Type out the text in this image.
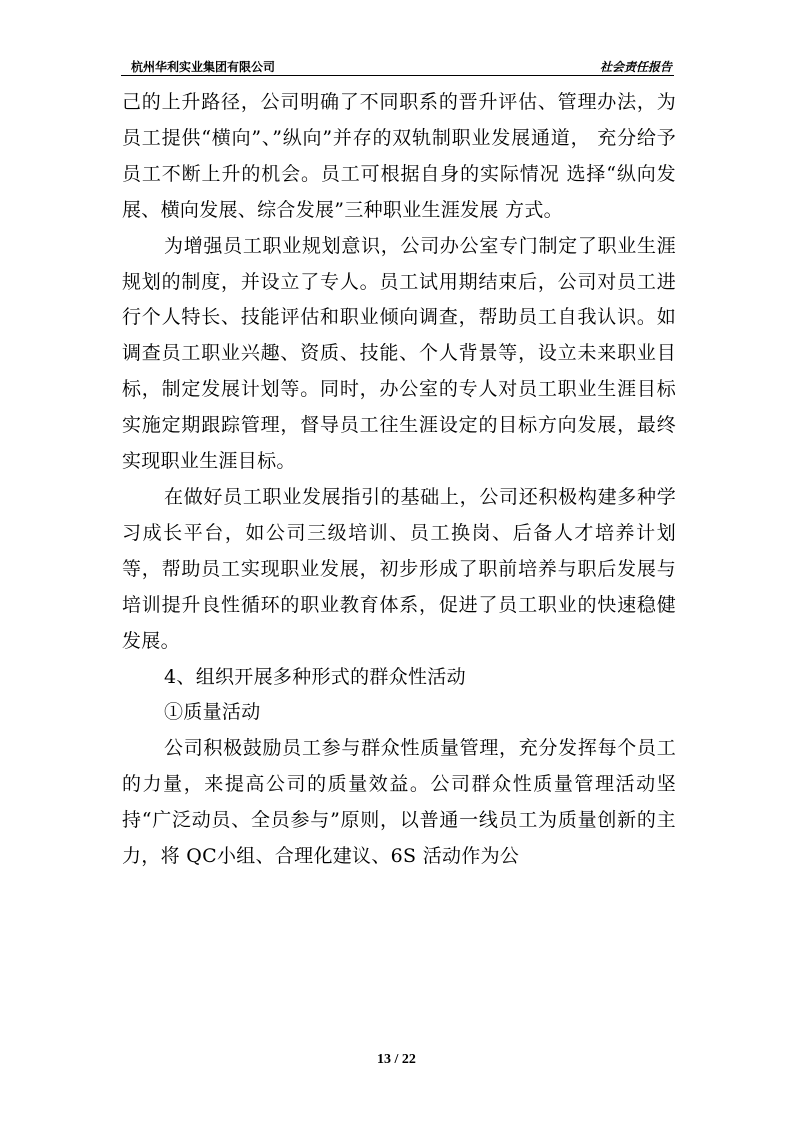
杭州华利实业集团有限公司	社会责任报告

己的上升路径，公司明确了不同职系的晋升评估、管理办法，为员工提供“横向”、”纵向”并存的双轨制职业发展通道， 充分给予员工不断上升的机会。员工可根据自身的实际情况 选择“纵向发展、横向发展、综合发展”三种职业生涯发展 方式。

为增强员工职业规划意识，公司办公室专门制定了职业生涯规划的制度，并设立了专人。员工试用期结束后，公司对员工进行个人特长、技能评估和职业倾向调查，帮助员工自我认识。如调查员工职业兴趣、资质、技能、个人背景等，设立未来职业目标，制定发展计划等。同时，办公室的专人对员工职业生涯目标实施定期跟踪管理，督导员工往生涯设定的目标方向发展，最终实现职业生涯目标。

在做好员工职业发展指引的基础上，公司还积极构建多种学习成长平台，如公司三级培训、员工换岗、后备人才培养计划等，帮助员工实现职业发展，初步形成了职前培养与职后发展与培训提升良性循环的职业教育体系，促进了员工职业的快速稳健发展。

4、组织开展多种形式的群众性活动

①质量活动

公司积极鼓励员工参与群众性质量管理，充分发挥每个员工的力量，来提高公司的质量效益。公司群众性质量管理活动坚持“广泛动员、全员参与”原则，以普通一线员工为质量创新的主力，将 QC小组、合理化建议、6S 活动作为公

13 / 22
